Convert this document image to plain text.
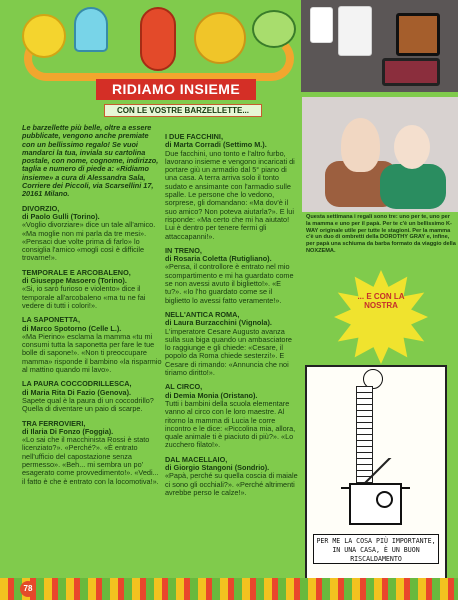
RIDIAMO INSIEME
CON LE VOSTRE BARZELLETTE...
Questa settimana i regali sono tre: uno per te, uno per la mamma e uno per il papà. Per te c'è un bellissimo K-WAY originale utile per tutte le stagioni. Per la mamma c'è un duo di ombretti della DOROTHY GRAY e, infine, per papà una schiuma da barba formato da viaggio della NOXZEMA.
... E CON LA NOSTRA
PER ME LA COSA PIÙ IMPORTANTE, IN UNA CASA, È UN BUON RISCALDAMENTO

Le barzellette più belle, oltre a essere pubblicate, vengono anche premiate con un bellissimo regalo! Se vuoi mandarci la tua, inviala su cartolina postale, con nome, cognome, indirizzo, taglia e numero di piede a: «Ridiamo insieme» a cura di Alessandra Sala, Corriere dei Piccoli, via Scarsellini 17, 20161 Milano.

DIVORZIO,
di Paolo Gulli (Torino).
«Voglio divorziare» dice un tale all'amico. «Ma moglie non mi parla da tre mesi». «Pensaci due volte prima di farlo» lo consiglia l'amico «mogli così è difficile trovarne!».
TEMPORALE E ARCOBALENO,
di Giuseppe Masoero (Torino).
«Si, io sarò furioso e violento» dice il temporale all'arcobaleno «ma tu ne fai vedere di tutti i colori!».
LA SAPONETTA,
di Marco Spotorno (Celle L.).
«Ma Pierino» esclama la mamma «tu mi consumi tutta la saponetta per fare le tue bolle di sapone!». «Non ti preoccupare mamma» risponde il bambino «la risparmio al mattino quando mi lavo».
LA PAURA COCCODRILLESCA,
di Maria Rita Di Fazio (Genova).
Sapete qual è la paura di un coccodrillo? Quella di diventare un paio di scarpe.
TRA FERROVIERI,
di Ilaria Di Fonzo (Foggia).
«Lo sai che il macchinista Rossi è stato licenziato?». «Perché?». «È entrato nell'ufficio del capostazione senza permesso». «Beh... mi sembra un po' esagerato come provvedimento!». «Vedi... il fatto è che è entrato con la locomotiva!».
I DUE FACCHINI,
di Marta Corradi (Settimo M.).
Due facchini, uno tonto e l'altro furbo, lavorano insieme e vengono incaricati di portare giù un armadio dal 5° piano di una casa. A terra arriva solo il tonto sudato e ansimante con l'armadio sulle spalle. Le persone che lo vedono, sorprese, gli domandano: «Ma dov'è il suo amico? Non poteva aiutarla?». E lui risponde: «Ma certo che mi ha aiutato! Lui è dentro per tenere fermi gli attaccapanni!».
IN TRENO,
di Rosaria Coletta (Rutigliano).
«Pensa, il controllore è entrato nel mio scompartimento e mi ha guardato come se non avessi avuto il biglietto!». «E tu?». «Io l'ho guardato come se il biglietto lo avessi fatto veramente!».
NELL'ANTICA ROMA,
di Laura Burzacchini (Vignola).
L'imperatore Cesare Augusto avanza sulla sua biga quando un ambasciatore lo raggiunge e gli chiede: «Cesare, il popolo da Roma chiede sesterzi!». E Cesare di rimando: «Annuncia che noi tiriamo diritto!».
AL CIRCO,
di Demia Monia (Oristano).
Tutti i bambini della scuola elementare vanno al circo con le loro maestre. Al ritorno la mamma di Lucia le corre incontro e le dice: «Piccolina mia, allora, quale animale ti è piaciuto di più?». «Lo zucchero filato!».
DAL MACELLAIO,
di Giorgio Stangoni (Sondrio).
«Papà, perché su quella coscia di maiale ci sono gli occhiali?». «Perché altrimenti avrebbe perso le calze!».
78
